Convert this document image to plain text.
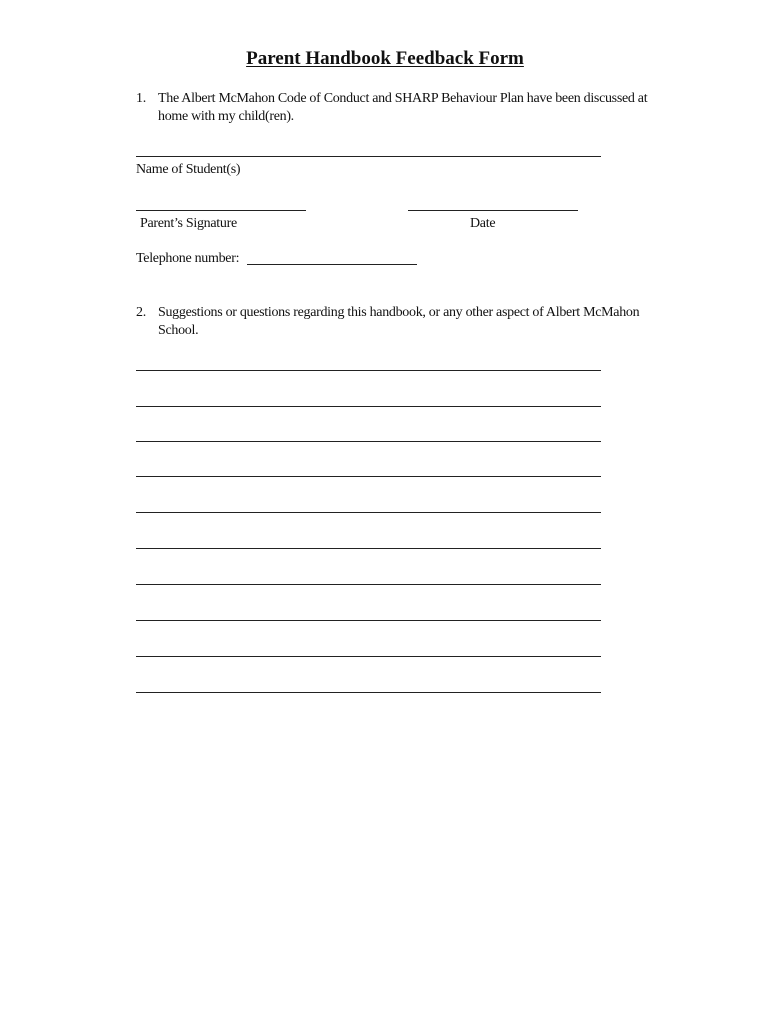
Parent Handbook Feedback Form
1. The Albert McMahon Code of Conduct and SHARP Behaviour Plan have been discussed at
home with my child(ren).
Name of Student(s)
Parent’s Signature	Date
Telephone number:
2. Suggestions or questions regarding this handbook, or any other aspect of Albert McMahon
School.
